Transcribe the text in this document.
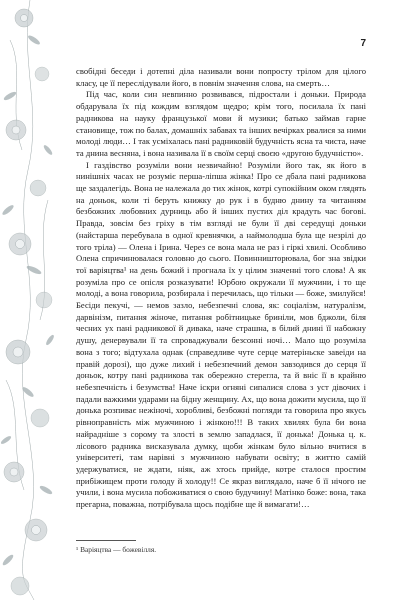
7

свобідні беседи і дотепні діла називали вони попросту трілом для цілого класу, це її переслідували його, в повнім значення слова, на смерть…

Під час, коли син невпинно розвивався, підростали і доньки. Природа обдарувала їх під кождим взглядом щедро; крім того, посилала їх пані радникова на науку французької мови й музики; батько займав гарне становище, тож по балах, домашніх забавах та інших вечірках рвалися за ними молоді люди… І так усміхалась пані радниковій будучність ясна та чиста, наче та днина весняна, і вона називала її в своїм серці своєю «другою будучністю».

І газдівство розуміли вони незвичайно! Розуміли його так, як його в нинішніх часах не розуміє перша-ліпша жінка! Про се дбала пані радникова ще заздалегідь. Вона не належала до тих жінок, котрі супокійним оком глядять на доньок, коли ті беруть книжку до рук і в будню днину та читанням безбожних любовних дурниць або й інших пустих діл крадуть час богові. Правда, зовсім без гріху в тім взгляді не були її дві середущі доньки (найстарша перебувала в одної кревнячки, а наймолодша була ще незрілі до того тріла) — Олена і Ірина. Через се вона мала не раз і гіркі хвилі. Особливо Олена спричинювалася головно до сього. Повинништорювала, бог зна звідки тої варіяцтва¹ на день божий і прогнала їх у цілим значенні того слова! А як розуміла про се опісля розказувати! Юрбою окружали її мужчини, і то ще молоді, а вона говорила, розбирала і перечилась, що тільки — боже, змилуйся! Бесіди пекучі, — немов зазло, небезпечні слова, як: соціалізм, натуралізм, дарвінізм, питання жіноче, питання робітницьке бриніли, мов бджоли, біля чесних ух пані радникової й дивака, наче страшна, в білий днині її набожну душу, денервували її та спроваджували безсонні ночі… Мало що розуміла вона з того; відтухала однак (справедливе чуте серце матеріньске завеіди на правій дорозі), що дуже лихий і небезпечний демон завзодився до серця її доньок, котру пані радникова так обережно стерегла, та й вніс її в крайню небезпечність і безумства! Наче іскри огняні сипалися слова з уст дівочих і падали важкими ударами на бідну женщину. Ах, що вона дожити мусила, що її донька розпиває нежіночі, хоробливі, безбожні погляди та говорила про якусь рівноправність між мужчиною і жінкою!!! В таких хвилях була би вона найрадніше з сорому та злості в землю западлася, її донька! Донька ц. к. лісового радника висказувала думку, щоби жінкам було вільно вчитися в університеті, там нарівні з мужчиною набувати освіту; в життю самій удержуватися, не ждати, ніяк, аж хтось прийде, котре сталося простим прибіжищем проти голоду й холоду!! Се якраз виглядало, наче б її нічого не учили, і вона мусила побоживатися о свою будучину! Матінко боже: вона, така прегарна, поважна, потрібувала щось подібне ще й вимагати!…

¹ Варіяцтва — божевілля.
